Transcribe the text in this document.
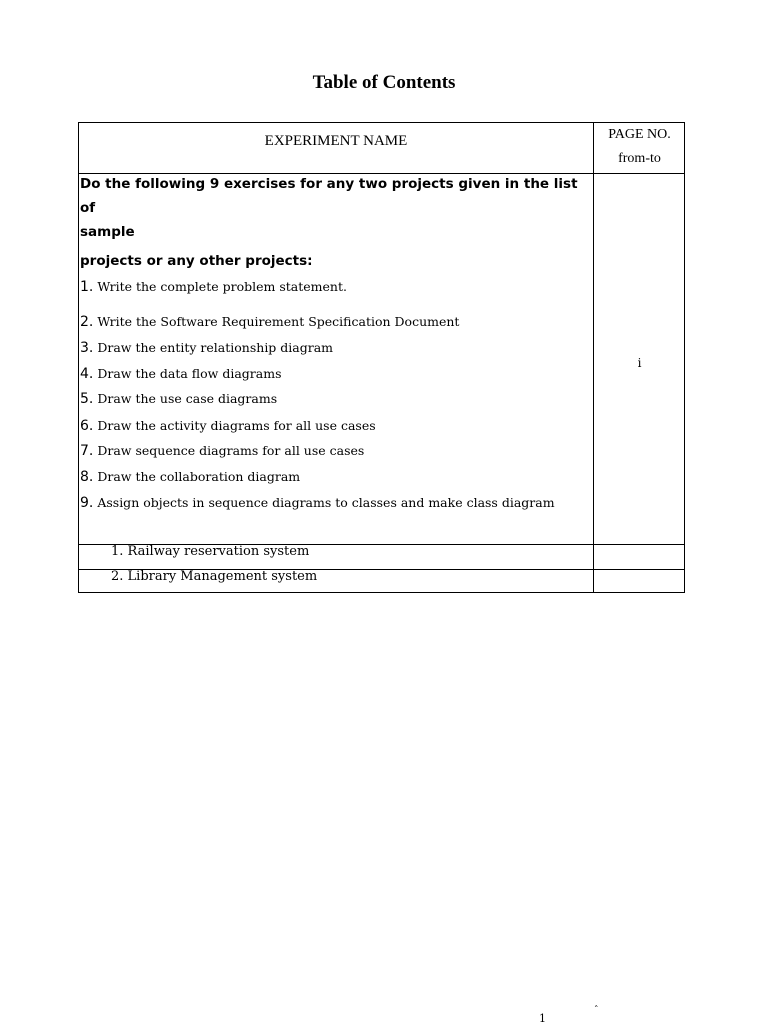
Table of Contents
EXPERIMENT NAME	PAGE NO.
from-to
Do the following 9 exercises for any two projects given in the list
of
sample
projects or any other projects:
1. Write the complete problem statement.
2. Write the Software Requirement Specification Document
3. Draw the entity relationship diagram
4. Draw the data flow diagrams
5. Draw the use case diagrams
6. Draw the activity diagrams for all use cases
7. Draw sequence diagrams for all use cases
8. Draw the collaboration diagram
9. Assign objects in sequence diagrams to classes and make class diagram
i
1. Railway reservation system
2. Library Management system
1
ˆ
